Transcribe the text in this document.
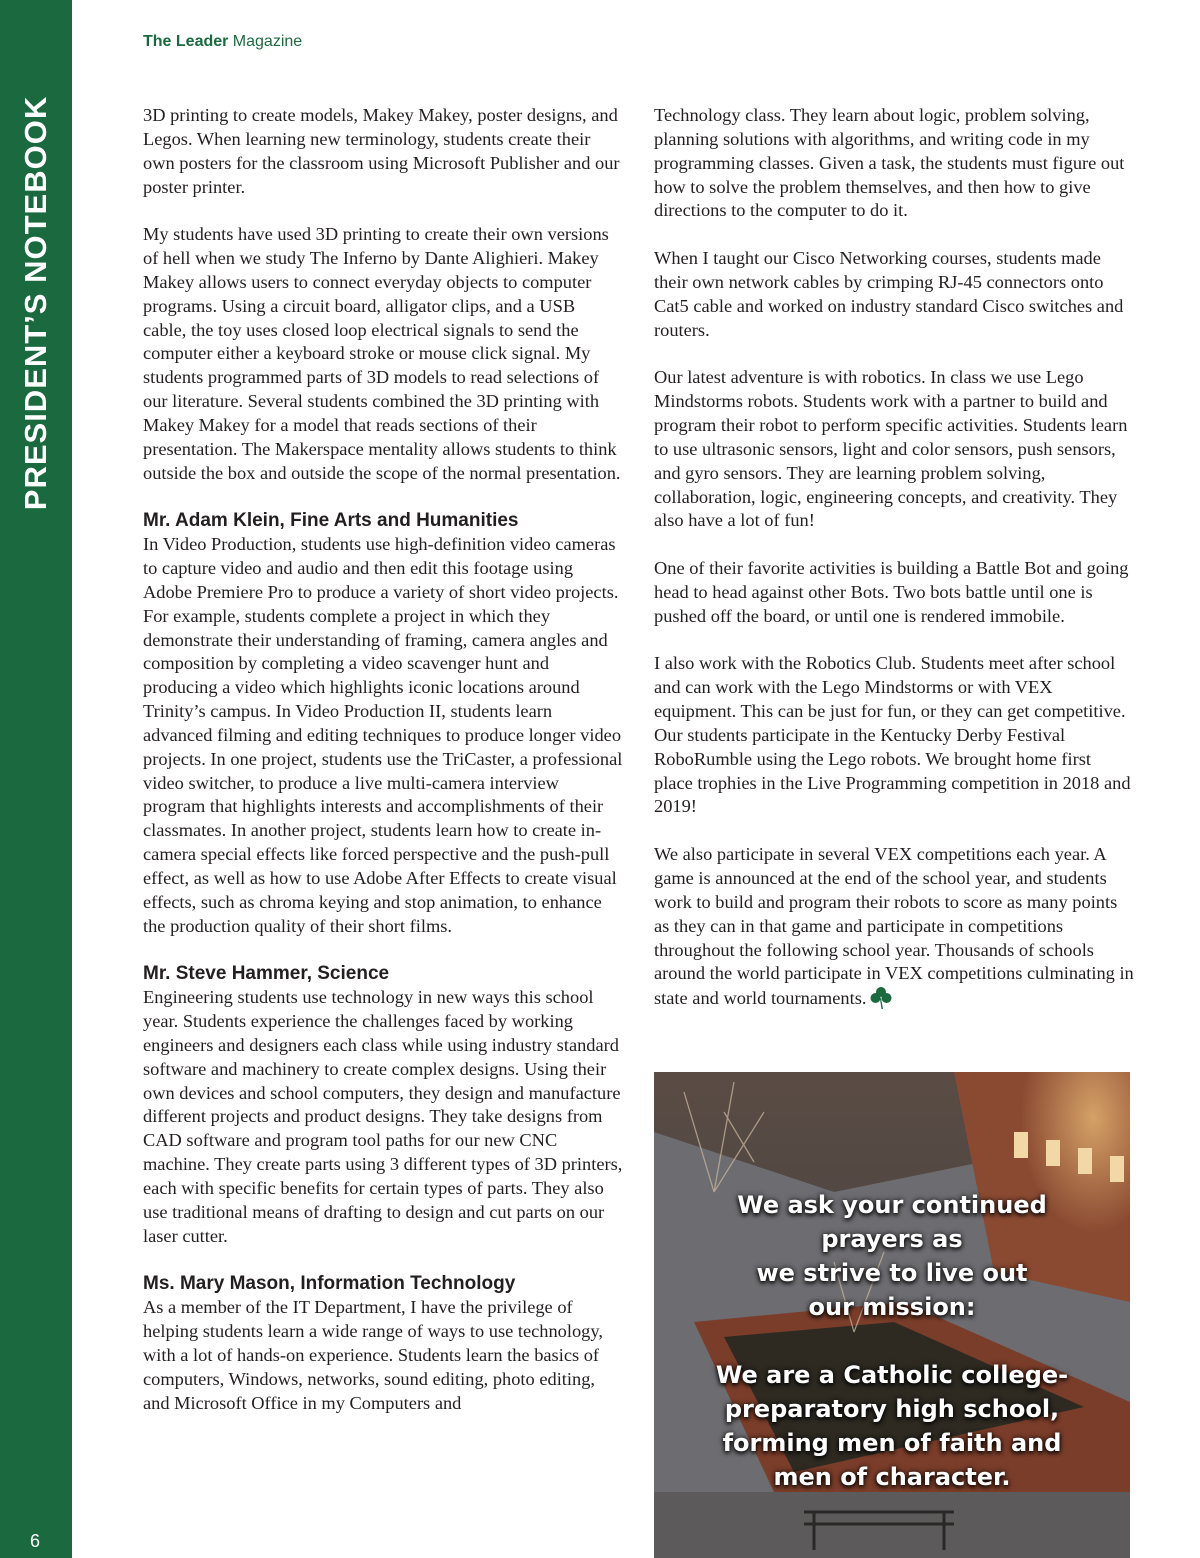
PRESIDENT’S NOTEBOOK
6
The Leader Magazine

3D printing to create models, Makey Makey, poster designs, and Legos. When learning new terminology, students create their own posters for the classroom using Microsoft Publisher and our poster printer.

My students have used 3D printing to create their own versions of hell when we study The Inferno by Dante Alighieri. Makey Makey allows users to connect everyday objects to computer programs. Using a circuit board, alligator clips, and a USB cable, the toy uses closed loop electrical signals to send the computer either a keyboard stroke or mouse click signal. My students programmed parts of 3D models to read selections of our literature. Several students combined the 3D printing with Makey Makey for a model that reads sections of their presentation. The Makerspace mentality allows students to think outside the box and outside the scope of the normal presentation.

Mr. Adam Klein, Fine Arts and Humanities

In Video Production, students use high-definition video cameras to capture video and audio and then edit this footage using Adobe Premiere Pro to produce a variety of short video projects. For example, students complete a project in which they demonstrate their understanding of framing, camera angles and composition by completing a video scavenger hunt and producing a video which highlights iconic locations around Trinity’s campus. In Video Production II, students learn advanced filming and editing techniques to produce longer video projects. In one project, students use the TriCaster, a professional video switcher, to produce a live multi-camera interview program that highlights interests and accomplishments of their classmates. In another project, students learn how to create in-camera special effects like forced perspective and the push-pull effect, as well as how to use Adobe After Effects to create visual effects, such as chroma keying and stop animation, to enhance the production quality of their short films.

Mr. Steve Hammer, Science

Engineering students use technology in new ways this school year. Students experience the challenges faced by working engineers and designers each class while using industry standard software and machinery to create complex designs. Using their own devices and school computers, they design and manufacture different projects and product designs. They take designs from CAD software and program tool paths for our new CNC machine. They create parts using 3 different types of 3D printers, each with specific benefits for certain types of parts. They also use traditional means of drafting to design and cut parts on our laser cutter.

Ms. Mary Mason, Information Technology

As a member of the IT Department, I have the privilege of helping students learn a wide range of ways to use technology, with a lot of hands-on experience. Students learn the basics of computers, Windows, networks, sound editing, photo editing, and Microsoft Office in my Computers and

Technology class. They learn about logic, problem solving, planning solutions with algorithms, and writing code in my programming classes. Given a task, the students must figure out how to solve the problem themselves, and then how to give directions to the computer to do it.

When I taught our Cisco Networking courses, students made their own network cables by crimping RJ-45 connectors onto Cat5 cable and worked on industry standard Cisco switches and routers.

Our latest adventure is with robotics. In class we use Lego Mindstorms robots. Students work with a partner to build and program their robot to perform specific activities. Students learn to use ultrasonic sensors, light and color sensors, push sensors, and gyro sensors. They are learning problem solving, collaboration, logic, engineering concepts, and creativity. They also have a lot of fun!

One of their favorite activities is building a Battle Bot and going head to head against other Bots. Two bots battle until one is pushed off the board, or until one is rendered immobile.

I also work with the Robotics Club. Students meet after school and can work with the Lego Mindstorms or with VEX equipment. This can be just for fun, or they can get competitive. Our students participate in the Kentucky Derby Festival RoboRumble using the Lego robots. We brought home first place trophies in the Live Programming competition in 2018 and 2019!

We also participate in several VEX competitions each year. A game is announced at the end of the school year, and students work to build and program their robots to score as many points as they can in that game and participate in competitions throughout the following school year. Thousands of schools around the world participate in VEX competitions culminating in state and world tournaments.

We ask your continued
prayers as
we strive to live out
our mission:
We are a Catholic college-
preparatory high school,
forming men of faith and
men of character.
